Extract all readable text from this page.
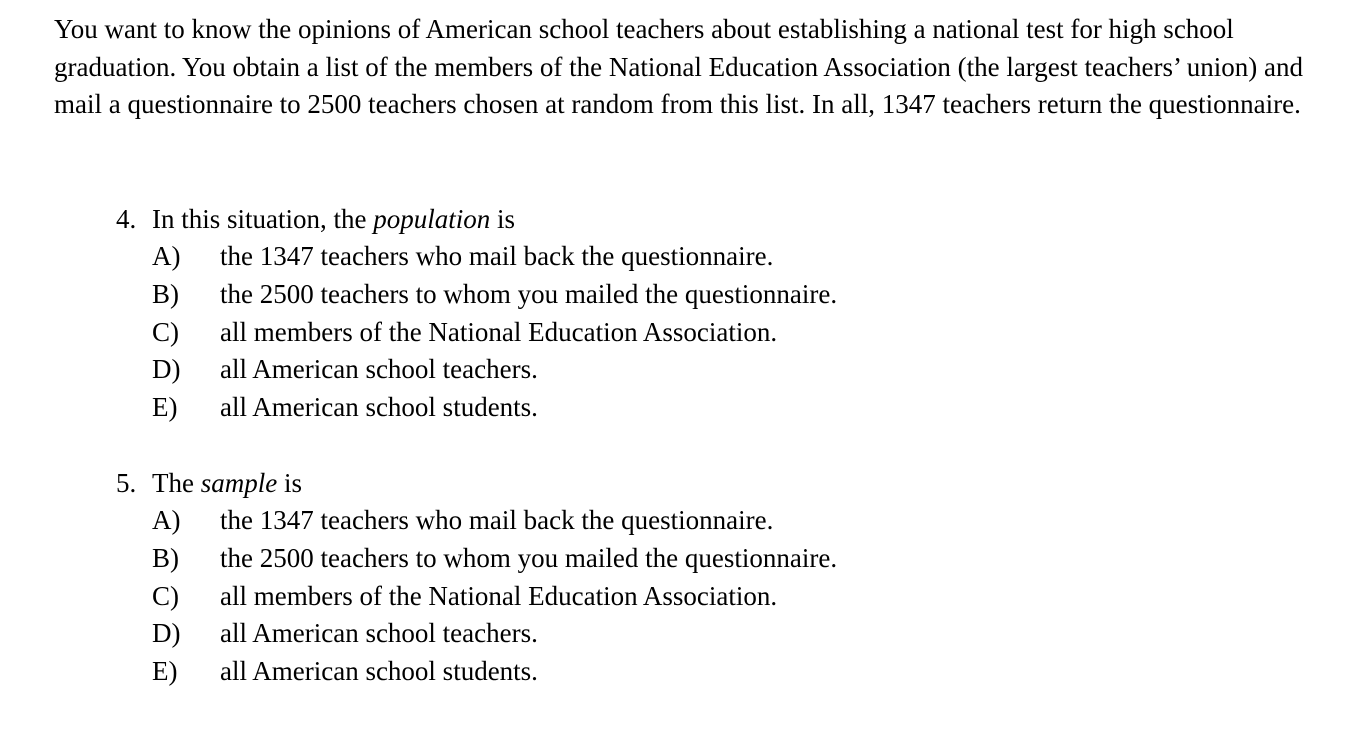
You want to know the opinions of American school teachers about establishing a national test for high school graduation. You obtain a list of the members of the National Education Association (the largest teachers’ union) and mail a questionnaire to 2500 teachers chosen at random from this list. In all, 1347 teachers return the questionnaire.

4. In this situation, the population is
A) the 1347 teachers who mail back the questionnaire.
B) the 2500 teachers to whom you mailed the questionnaire.
C) all members of the National Education Association.
D) all American school teachers.
E) all American school students.
5. The sample is
A) the 1347 teachers who mail back the questionnaire.
B) the 2500 teachers to whom you mailed the questionnaire.
C) all members of the National Education Association.
D) all American school teachers.
E) all American school students.
